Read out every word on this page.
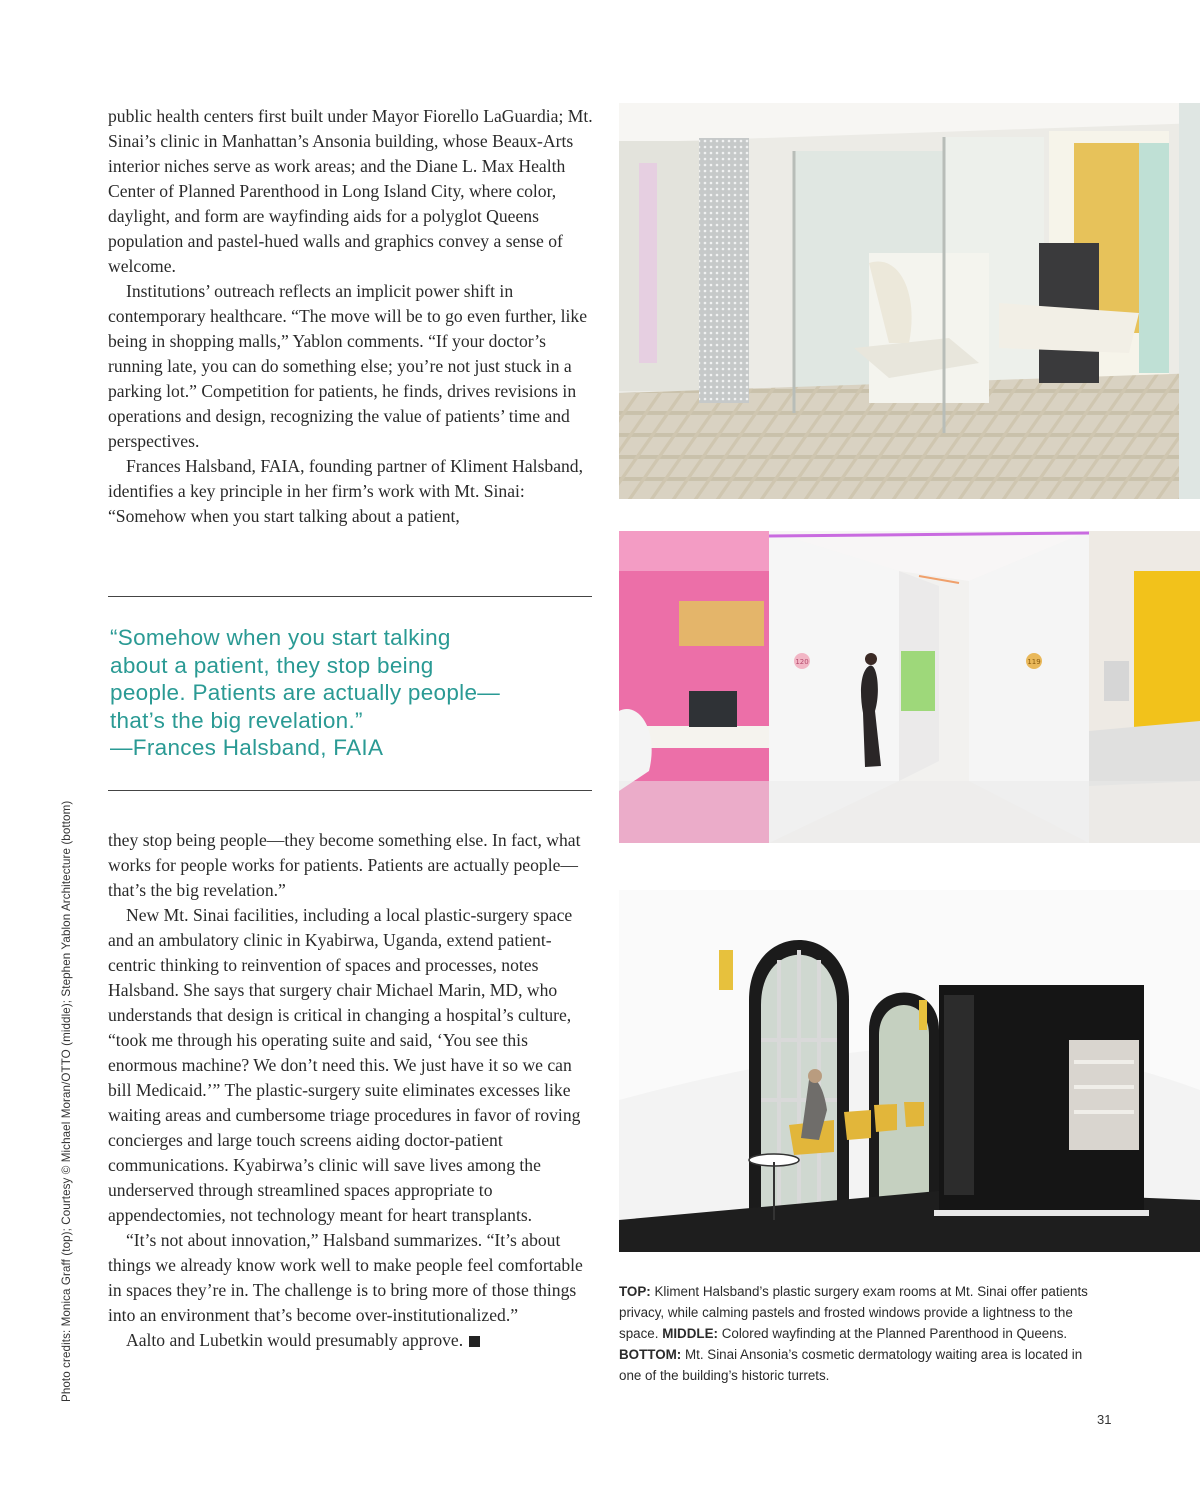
public health centers first built under Mayor Fiorello LaGuardia; Mt. Sinai’s clinic in Manhattan’s Ansonia building, whose Beaux-Arts interior niches serve as work areas; and the Diane L. Max Health Center of Planned Parenthood in Long Island City, where color, daylight, and form are wayfinding aids for a polyglot Queens population and pastel-hued walls and graphics convey a sense of welcome.

Institutions’ outreach reflects an implicit power shift in contemporary healthcare. “The move will be to go even further, like being in shopping malls,” Yablon comments. “If your doctor’s running late, you can do something else; you’re not just stuck in a parking lot.” Competition for patients, he finds, drives revisions in operations and design, recognizing the value of patients’ time and perspectives.

Frances Halsband, FAIA, founding partner of Kliment Halsband, identifies a key principle in her firm’s work with Mt. Sinai: “Somehow when you start talking about a patient,

“Somehow when you start talking
about a patient, they stop being
people. Patients are actually people—
that’s the big revelation.”
—Frances Halsband, FAIA

they stop being people—they become something else. In fact, what works for people works for patients. Patients are actually people—that’s the big revelation.”

New Mt. Sinai facilities, including a local plastic-surgery space and an ambulatory clinic in Kyabirwa, Uganda, extend patient-centric thinking to reinvention of spaces and processes, notes Halsband. She says that surgery chair Michael Marin, MD, who understands that design is critical in changing a hospital’s culture, “took me through his operating suite and said, ‘You see this enormous machine? We don’t need this. We just have it so we can bill Medicaid.’” The plastic-surgery suite eliminates excesses like waiting areas and cumbersome triage procedures in favor of roving concierges and large touch screens aiding doctor-patient communications. Kyabirwa’s clinic will save lives among the underserved through streamlined spaces appropriate to appendectomies, not technology meant for heart transplants.

“It’s not about innovation,” Halsband summarizes. “It’s about things we already know work well to make people feel comfortable in spaces they’re in. The challenge is to bring more of those things into an environment that’s become over-institutionalized.”

Aalto and Lubetkin would presumably approve.

Photo credits: Monica Graff (top); Courtesy © Michael Moran/OTTO (middle); Stephen Yablon Architecture (bottom)
120	119
TOP: Kliment Halsband’s plastic surgery exam rooms at Mt. Sinai offer patients privacy, while calming pastels and frosted windows provide a lightness to the space. MIDDLE: Colored wayfinding at the Planned Parenthood in Queens. BOTTOM: Mt. Sinai Ansonia’s cosmetic dermatology waiting area is located in one of the building’s historic turrets.
31
